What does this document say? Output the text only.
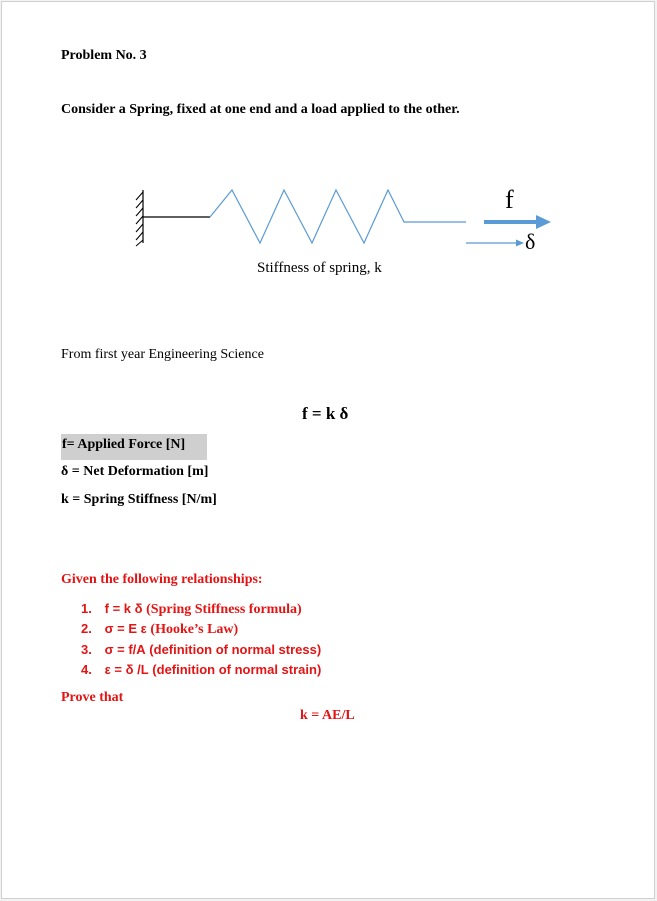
Problem No. 3
Consider a Spring, fixed at one end and a load applied to the other.
f
δ
Stiffness of spring, k
From first year Engineering Science
f = k δ
f= Applied Force [N]
δ = Net Deformation [m]
k = Spring Stiffness [N/m]
Given the following relationships:
1. f = k δ (Spring Stiffness formula)
2. σ = E ε (Hooke’s Law)
3. σ = f/A (definition of normal stress)
4. ε = δ /L (definition of normal strain)
Prove that
k = AE/L
